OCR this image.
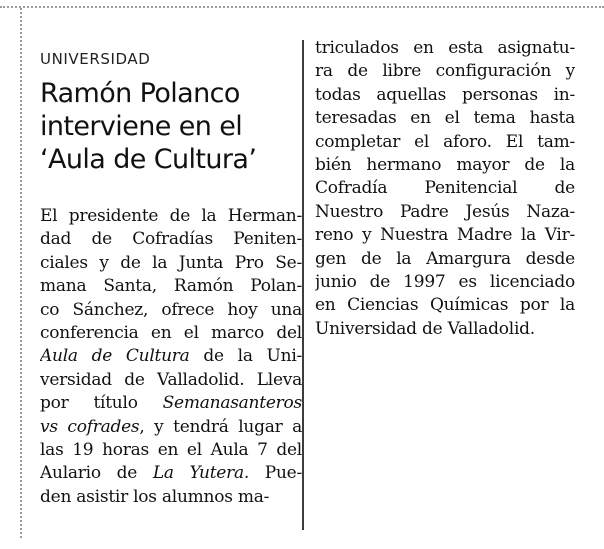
UNIVERSIDAD
Ramón Polanco
interviene en el
‘Aula de Cultura’
El presidente de la Herman-
dad de Cofradías Peniten-
ciales y de la Junta Pro Se-
mana Santa, Ramón Polan-
co Sánchez, ofrece hoy una
conferencia en el marco del
Aula de Cultura de la Uni-
versidad de Valladolid. Lleva
por título Semanasanteros
vs cofrades, y tendrá lugar a
las 19 horas en el Aula 7 del
Aulario de La Yutera. Pue-
den asistir los alumnos ma-
triculados en esta asignatu-
ra de libre configuración y
todas aquellas personas in-
teresadas en el tema hasta
completar el aforo. El tam-
bién hermano mayor de la
Cofradía Penitencial de
Nuestro Padre Jesús Naza-
reno y Nuestra Madre la Vir-
gen de la Amargura desde
junio de 1997 es licenciado
en Ciencias Químicas por la
Universidad de Valladolid.
